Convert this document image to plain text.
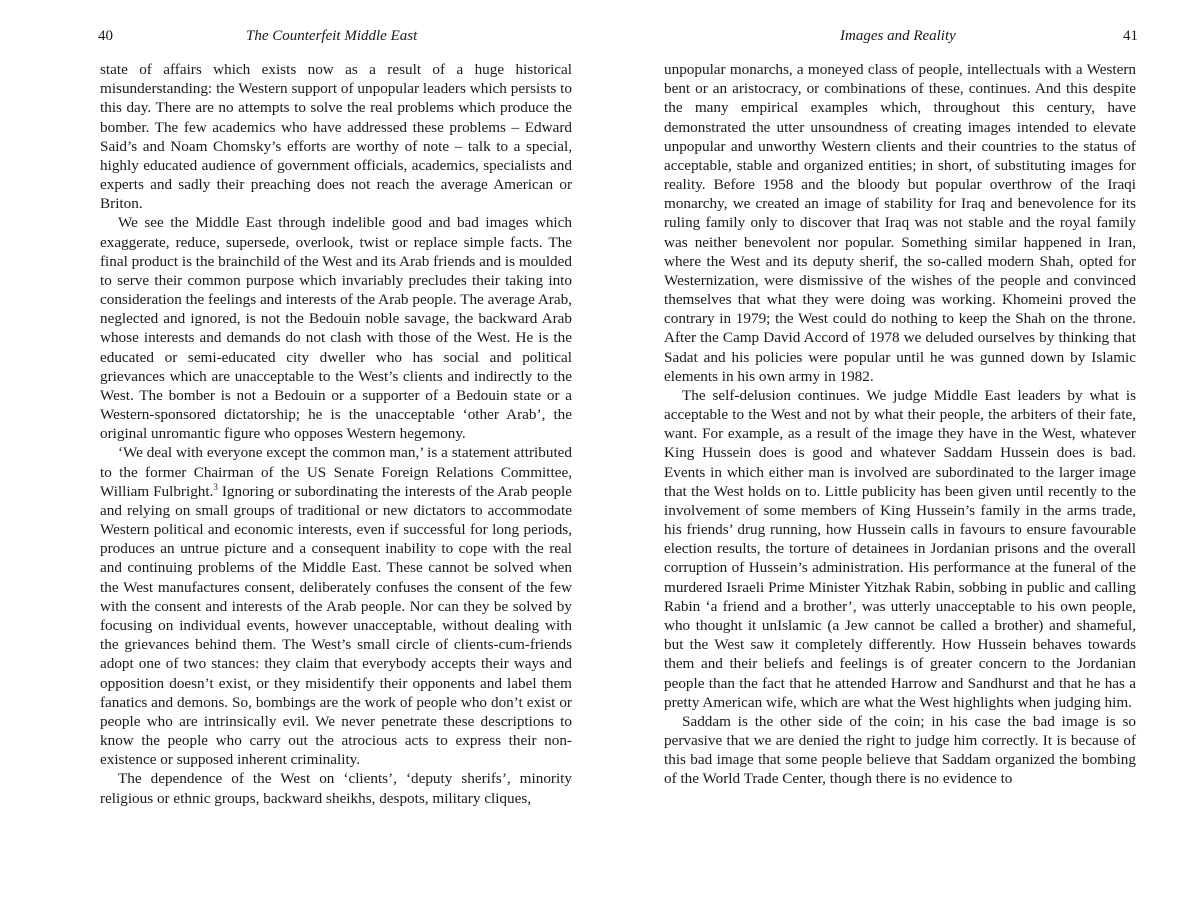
40	The Counterfeit Middle East

state of affairs which exists now as a result of a huge historical misunderstanding: the Western support of unpopular leaders which persists to this day. There are no attempts to solve the real problems which produce the bomber. The few academics who have addressed these problems – Edward Said’s and Noam Chomsky’s efforts are worthy of note – talk to a special, highly educated audience of government officials, academics, specialists and experts and sadly their preaching does not reach the average American or Briton.

We see the Middle East through indelible good and bad images which exaggerate, reduce, supersede, overlook, twist or replace simple facts. The final product is the brainchild of the West and its Arab friends and is moulded to serve their common purpose which invariably precludes their taking into consideration the feelings and interests of the Arab people. The average Arab, neglected and ignored, is not the Bedouin noble savage, the backward Arab whose interests and demands do not clash with those of the West. He is the educated or semi-educated city dweller who has social and political grievances which are unacceptable to the West’s clients and indirectly to the West. The bomber is not a Bedouin or a supporter of a Bedouin state or a Western-sponsored dictatorship; he is the unacceptable ‘other Arab’, the original unromantic figure who opposes Western hegemony.

‘We deal with everyone except the common man,’ is a statement attributed to the former Chairman of the US Senate Foreign Relations Committee, William Fulbright.$^3$ Ignoring or subordinating the interests of the Arab people and relying on small groups of traditional or new dictators to accommodate Western political and economic interests, even if successful for long periods, produces an untrue picture and a consequent inability to cope with the real and continuing problems of the Middle East. These cannot be solved when the West manufactures consent, deliberately confuses the consent of the few with the consent and interests of the Arab people. Nor can they be solved by focusing on individual events, however unacceptable, without dealing with the grievances behind them. The West’s small circle of clients-cum-friends adopt one of two stances: they claim that everybody accepts their ways and opposition doesn’t exist, or they misidentify their opponents and label them fanatics and demons. So, bombings are the work of people who don’t exist or people who are intrinsically evil. We never penetrate these descriptions to know the people who carry out the atrocious acts to express their non-existence or supposed inherent criminality.

The dependence of the West on ‘clients’, ‘deputy sherifs’, minority religious or ethnic groups, backward sheikhs, despots, military cliques,

Images and Reality	41

unpopular monarchs, a moneyed class of people, intellectuals with a Western bent or an aristocracy, or combinations of these, continues. And this despite the many empirical examples which, throughout this century, have demonstrated the utter unsoundness of creating images intended to elevate unpopular and unworthy Western clients and their countries to the status of acceptable, stable and organized entities; in short, of substituting images for reality. Before 1958 and the bloody but popular overthrow of the Iraqi monarchy, we created an image of stability for Iraq and benevolence for its ruling family only to discover that Iraq was not stable and the royal family was neither benevolent nor popular. Something similar happened in Iran, where the West and its deputy sherif, the so-called modern Shah, opted for Westernization, were dismissive of the wishes of the people and convinced themselves that what they were doing was working. Khomeini proved the contrary in 1979; the West could do nothing to keep the Shah on the throne. After the Camp David Accord of 1978 we deluded ourselves by thinking that Sadat and his policies were popular until he was gunned down by Islamic elements in his own army in 1982.

The self-delusion continues. We judge Middle East leaders by what is acceptable to the West and not by what their people, the arbiters of their fate, want. For example, as a result of the image they have in the West, whatever King Hussein does is good and whatever Saddam Hussein does is bad. Events in which either man is involved are subordinated to the larger image that the West holds on to. Little publicity has been given until recently to the involvement of some members of King Hussein’s family in the arms trade, his friends’ drug running, how Hussein calls in favours to ensure favourable election results, the torture of detainees in Jordanian prisons and the overall corruption of Hussein’s administration. His performance at the funeral of the murdered Israeli Prime Minister Yitzhak Rabin, sobbing in public and calling Rabin ‘a friend and a brother’, was utterly unacceptable to his own people, who thought it unIslamic (a Jew cannot be called a brother) and shameful, but the West saw it completely differently. How Hussein behaves towards them and their beliefs and feelings is of greater concern to the Jordanian people than the fact that he attended Harrow and Sandhurst and that he has a pretty American wife, which are what the West highlights when judging him.

Saddam is the other side of the coin; in his case the bad image is so pervasive that we are denied the right to judge him correctly. It is because of this bad image that some people believe that Saddam organized the bombing of the World Trade Center, though there is no evidence to
